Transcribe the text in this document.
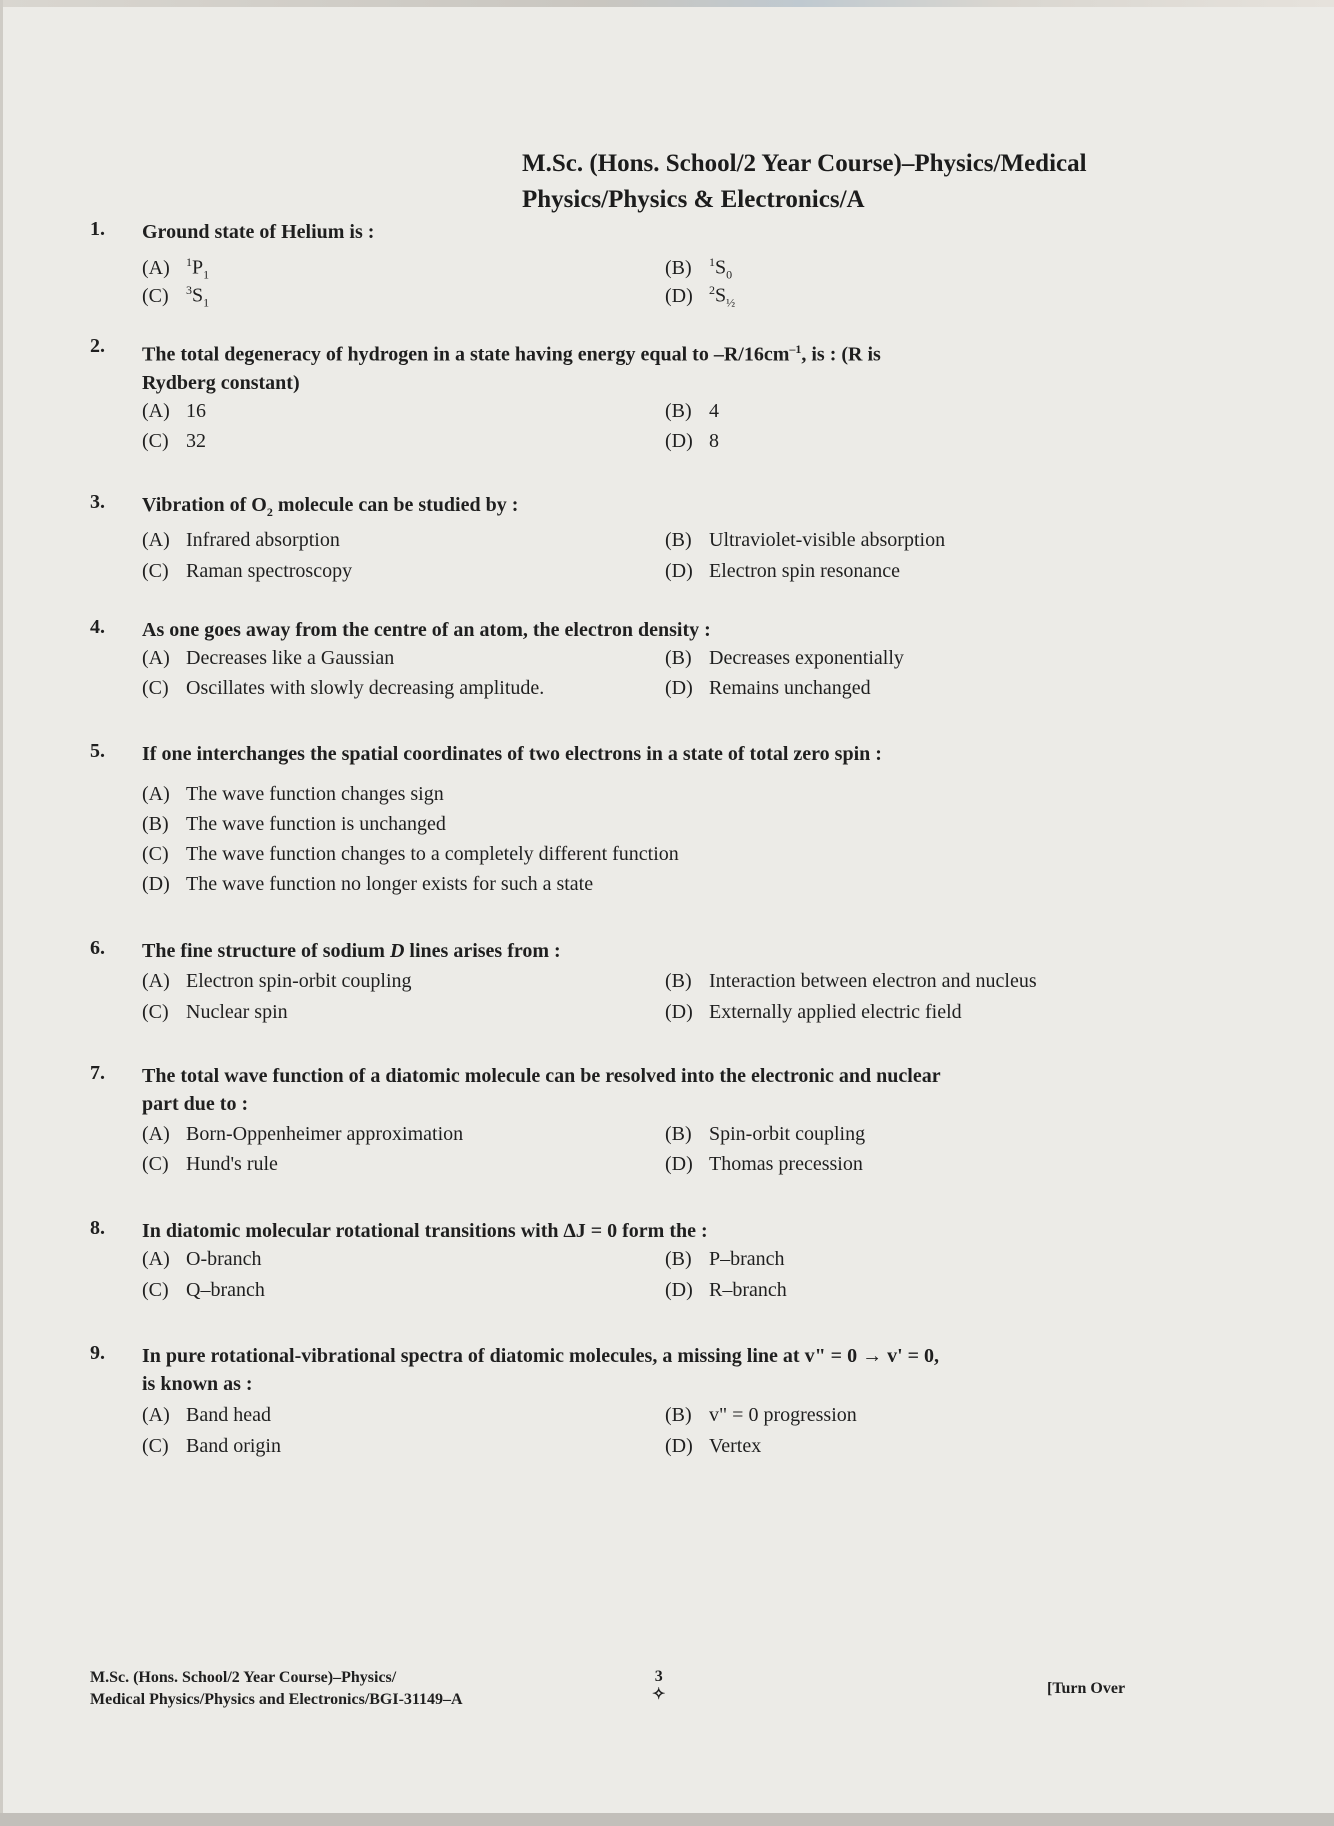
M.Sc. (Hons. School/2 Year Course)–Physics/Medical
Physics/Physics & Electronics/A
1.	Ground state of Helium is :
(A) $^1P_1$	(B) $^1S_0$
(C) $^3S_1$	(D) $^2S_{\frac{1}{2}}$
2.	The total degeneracy of hydrogen in a state having energy equal to $-R/16cm^{-1}$, is : (R is
Rydberg constant)
(A) 16	(B) 4
(C) 32	(D) 8
3.	Vibration of $O_2$ molecule can be studied by :
(A) Infrared absorption	(B) Ultraviolet-visible absorption
(C) Raman spectroscopy	(D) Electron spin resonance
4.	As one goes away from the centre of an atom, the electron density :
(A) Decreases like a Gaussian	(B) Decreases exponentially
(C) Oscillates with slowly decreasing amplitude.	(D) Remains unchanged
5.	If one interchanges the spatial coordinates of two electrons in a state of total zero spin :
(A) The wave function changes sign
(B) The wave function is unchanged
(C) The wave function changes to a completely different function
(D) The wave function no longer exists for such a state
6.	The fine structure of sodium D lines arises from :
(A) Electron spin-orbit coupling	(B) Interaction between electron and nucleus
(C) Nuclear spin	(D) Externally applied electric field
7.	The total wave function of a diatomic molecule can be resolved into the electronic and nuclear
part due to :
(A) Born-Oppenheimer approximation	(B) Spin-orbit coupling
(C) Hund's rule	(D) Thomas precession
8.	In diatomic molecular rotational transitions with ∆J = 0 form the :
(A) O-branch	(B) P–branch
(C) Q–branch	(D) R–branch
9.	In pure rotational-vibrational spectra of diatomic molecules, a missing line at v" = 0 → v' = 0,
is known as :
(A) Band head	(B) v" = 0 progression
(C) Band origin	(D) Vertex
M.Sc. (Hons. School/2 Year Course)–Physics/
Medical Physics/Physics and Electronics/BGI-31149–A
3
✧	[Turn Over
